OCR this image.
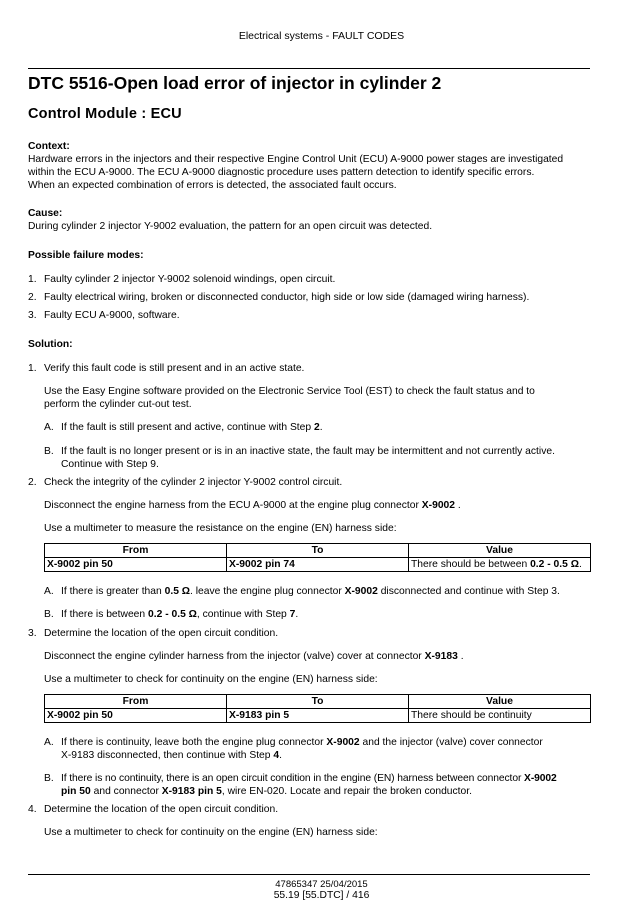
Electrical systems - FAULT CODES
DTC 5516-Open load error of injector in cylinder 2
Control Module : ECU
Context:
Hardware errors in the injectors and their respective Engine Control Unit (ECU) A-9000 power stages are investigated
within the ECU A-9000. The ECU A-9000 diagnostic procedure uses pattern detection to identify specific errors.
When an expected combination of errors is detected, the associated fault occurs.
Cause:
During cylinder 2 injector Y-9002 evaluation, the pattern for an open circuit was detected.
Possible failure modes:
1. Faulty cylinder 2 injector Y-9002 solenoid windings, open circuit.
2. Faulty electrical wiring, broken or disconnected conductor, high side or low side (damaged wiring harness).
3. Faulty ECU A-9000, software.
Solution:
1. Verify this fault code is still present and in an active state.
Use the Easy Engine software provided on the Electronic Service Tool (EST) to check the fault status and to
perform the cylinder cut-out test.
A. If the fault is still present and active, continue with Step 2.
B. If the fault is no longer present or is in an inactive state, the fault may be intermittent and not currently active.
Continue with Step 9.
2. Check the integrity of the cylinder 2 injector Y-9002 control circuit.
Disconnect the engine harness from the ECU A-9000 at the engine plug connector X-9002 .
Use a multimeter to measure the resistance on the engine (EN) harness side:
From	To	Value
X-9002 pin 50	X-9002 pin 74	There should be between 0.2 - 0.5 Ω.
A. If there is greater than 0.5 Ω. leave the engine plug connector X-9002 disconnected and continue with Step 3.
B. If there is between 0.2 - 0.5 Ω, continue with Step 7.
3. Determine the location of the open circuit condition.
Disconnect the engine cylinder harness from the injector (valve) cover at connector X-9183 .
Use a multimeter to check for continuity on the engine (EN) harness side:
From	To	Value
X-9002 pin 50	X-9183 pin 5	There should be continuity
A. If there is continuity, leave both the engine plug connector X-9002 and the injector (valve) cover connector
X-9183 disconnected, then continue with Step 4.
B. If there is no continuity, there is an open circuit condition in the engine (EN) harness between connector X-9002
pin 50 and connector X-9183 pin 5, wire EN-020. Locate and repair the broken conductor.
4. Determine the location of the open circuit condition.
Use a multimeter to check for continuity on the engine (EN) harness side:
47865347 25/04/2015
55.19 [55.DTC] / 416
